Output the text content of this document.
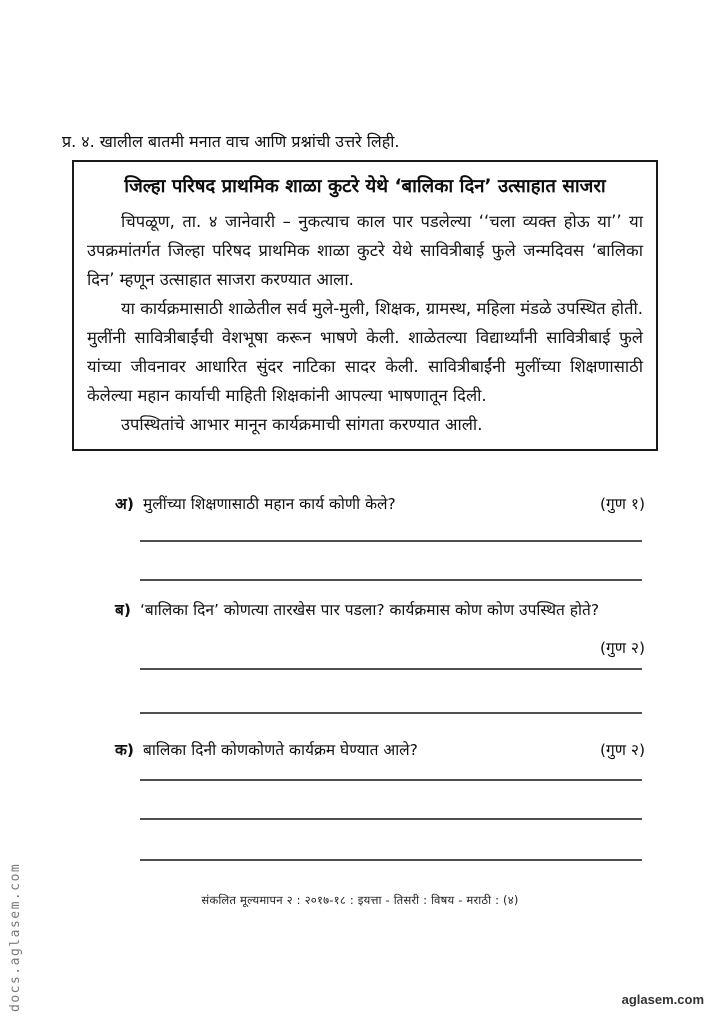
प्र. ४. खालील बातमी मनात वाच आणि प्रश्नांची उत्तरे लिही.
जिल्हा परिषद प्राथमिक शाळा कुटरे येथे ‘बालिका दिन’ उत्साहात साजरा

चिपळूण, ता. ४ जानेवारी – नुकत्याच काल पार पडलेल्या ‘‘चला व्यक्त होऊ या’’ या उपक्रमांतर्गत जिल्हा परिषद प्राथमिक शाळा कुटरे येथे सावित्रीबाई फुले जन्मदिवस ‘बालिका दिन’ म्हणून उत्साहात साजरा करण्यात आला.

या कार्यक्रमासाठी शाळेतील सर्व मुले-मुली, शिक्षक, ग्रामस्थ, महिला मंडळे उपस्थित होती. मुलींनी सावित्रीबाईंची वेशभूषा करून भाषणे केली. शाळेतल्या विद्यार्थ्यांनी सावित्रीबाई फुले यांच्या जीवनावर आधारित सुंदर नाटिका सादर केली. सावित्रीबाईंनी मुलींच्या शिक्षणासाठी केलेल्या महान कार्याची माहिती शिक्षकांनी आपल्या भाषणातून दिली.

उपस्थितांचे आभार मानून कार्यक्रमाची सांगता करण्यात आली.

अ) मुलींच्या शिक्षणासाठी महान कार्य कोणी केले?	(गुण १)
ब) ‘बालिका दिन’ कोणत्या तारखेस पार पडला? कार्यक्रमास कोण कोण उपस्थित होते?
(गुण २)
क) बालिका दिनी कोणकोणते कार्यक्रम घेण्यात आले?	(गुण २)
संकलित मूल्यमापन २ : २०१७-१८ : इयत्ता - तिसरी : विषय - मराठी : (४)
docs.aglasem.com	aglasem.com
